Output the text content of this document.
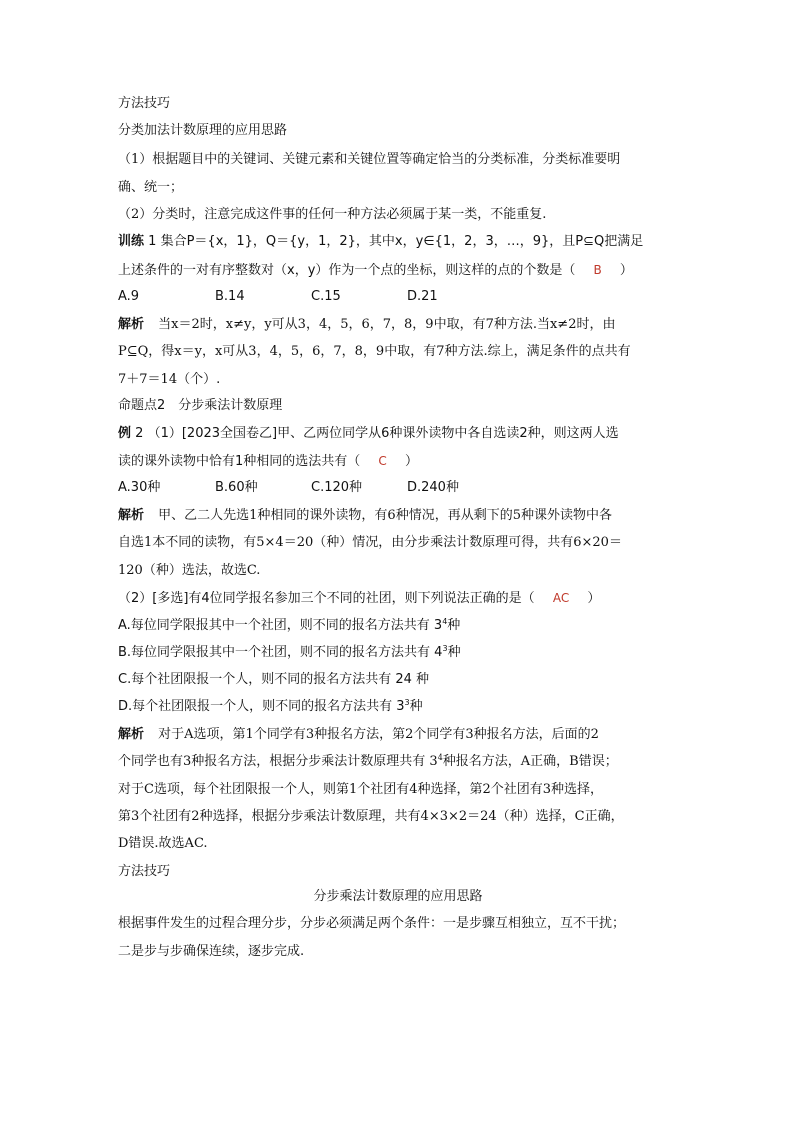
方法技巧
分类加法计数原理的应用思路
（1）根据题目中的关键词、关键元素和关键位置等确定恰当的分类标准，分类标准要明
确、统一；
（2）分类时，注意完成这件事的任何一种方法必须属于某一类，不能重复.
训练 1 集合P＝{x，1}，Q＝{y，1，2}，其中x，y∈{1，2，3，…，9}，且P⊆Q把满足
上述条件的一对有序整数对（x，y）作为一个点的坐标，则这样的点的个数是（ B ）
A.9	B.14	C.15	D.21
解析 当x＝2时，x≠y，y可从3，4，5，6，7，8，9中取，有7种方法.当x≠2时，由
P⊆Q，得x＝y，x可从3，4，5，6，7，8，9中取，有7种方法.综上，满足条件的点共有
7＋7＝14（个）.
命题点2　分步乘法计数原理
例 2 （1）[2023全国卷乙]甲、乙两位同学从6种课外读物中各自选读2种，则这两人选
读的课外读物中恰有1种相同的选法共有（ C ）
A.30种	B.60种	C.120种	D.240种
解析 甲、乙二人先选1种相同的课外读物，有6种情况，再从剩下的5种课外读物中各
自选1本不同的读物，有5×4＝20（种）情况，由分步乘法计数原理可得，共有6×20＝
120（种）选法，故选C.
（2）[多选]有4位同学报名参加三个不同的社团，则下列说法正确的是（ AC ）
A.每位同学限报其中一个社团，则不同的报名方法共有 $3^4$种
B.每位同学限报其中一个社团，则不同的报名方法共有 $4^3$种
C.每个社团限报一个人，则不同的报名方法共有 24 种
D.每个社团限报一个人，则不同的报名方法共有 $3^3$种
解析 对于A选项，第1个同学有3种报名方法，第2个同学有3种报名方法，后面的2
个同学也有3种报名方法，根据分步乘法计数原理共有 $3^4$种报名方法，A正确，B错误；
对于C选项，每个社团限报一个人，则第1个社团有4种选择，第2个社团有3种选择，
第3个社团有2种选择，根据分步乘法计数原理，共有4×3×2＝24（种）选择，C正确，
D错误.故选AC.
方法技巧
分步乘法计数原理的应用思路
根据事件发生的过程合理分步，分步必须满足两个条件：一是步骤互相独立，互不干扰；
二是步与步确保连续，逐步完成.
